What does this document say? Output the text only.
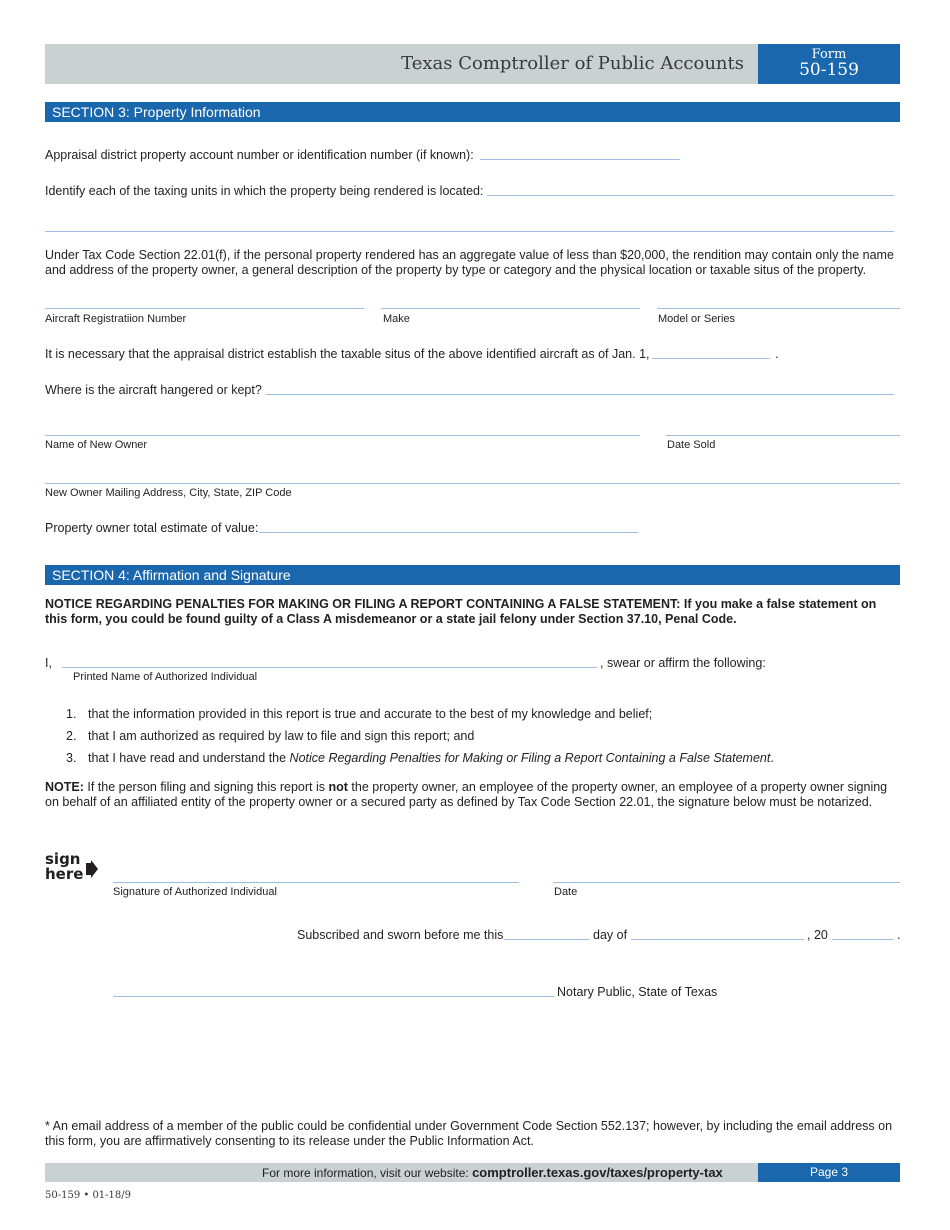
Texas Comptroller of Public Accounts	Form
50-159
SECTION 3: Property Information
Appraisal district property account number or identification number (if known):
Identify each of the taxing units in which the property being rendered is located:
Under Tax Code Section 22.01(f), if the personal property rendered has an aggregate value of less than $20,000, the rendition may contain only the name and address of the property owner, a general description of the property by type or category and the physical location or taxable situs of the property.
Aircraft Registratiion Number	Make	Model or Series
It is necessary that the appraisal district establish the taxable situs of the above identified aircraft as of Jan. 1,	.
Where is the aircraft hangered or kept?
Name of New Owner	Date Sold
New Owner Mailing Address, City, State, ZIP Code
Property owner total estimate of value:
SECTION 4: Affirmation and Signature
NOTICE REGARDING PENALTIES FOR MAKING OR FILING A REPORT CONTAINING A FALSE STATEMENT: If you make a false statement on this form, you could be found guilty of a Class A misdemeanor or a state jail felony under Section 37.10, Penal Code.
I,	, swear or affirm the following:
Printed Name of Authorized Individual
1. that the information provided in this report is true and accurate to the best of my knowledge and belief;
2. that I am authorized as required by law to file and sign this report; and
3. that I have read and understand the Notice Regarding Penalties for Making or Filing a Report Containing a False Statement.
NOTE: If the person filing and signing this report is not the property owner, an employee of the property owner, an employee of a property owner signing on behalf of an affiliated entity of the property owner or a secured party as defined by Tax Code Section 22.01, the signature below must be notarized.
sign
here
Signature of Authorized Individual	Date
Subscribed and sworn before me this	day of	, 20	.
Notary Public, State of Texas
* An email address of a member of the public could be confidential under Government Code Section 552.137; however, by including the email address on this form, you are affirmatively consenting to its release under the Public Information Act.
For more information, visit our website: comptroller.texas.gov/taxes/property-tax	Page 3
50-159 • 01-18/9
